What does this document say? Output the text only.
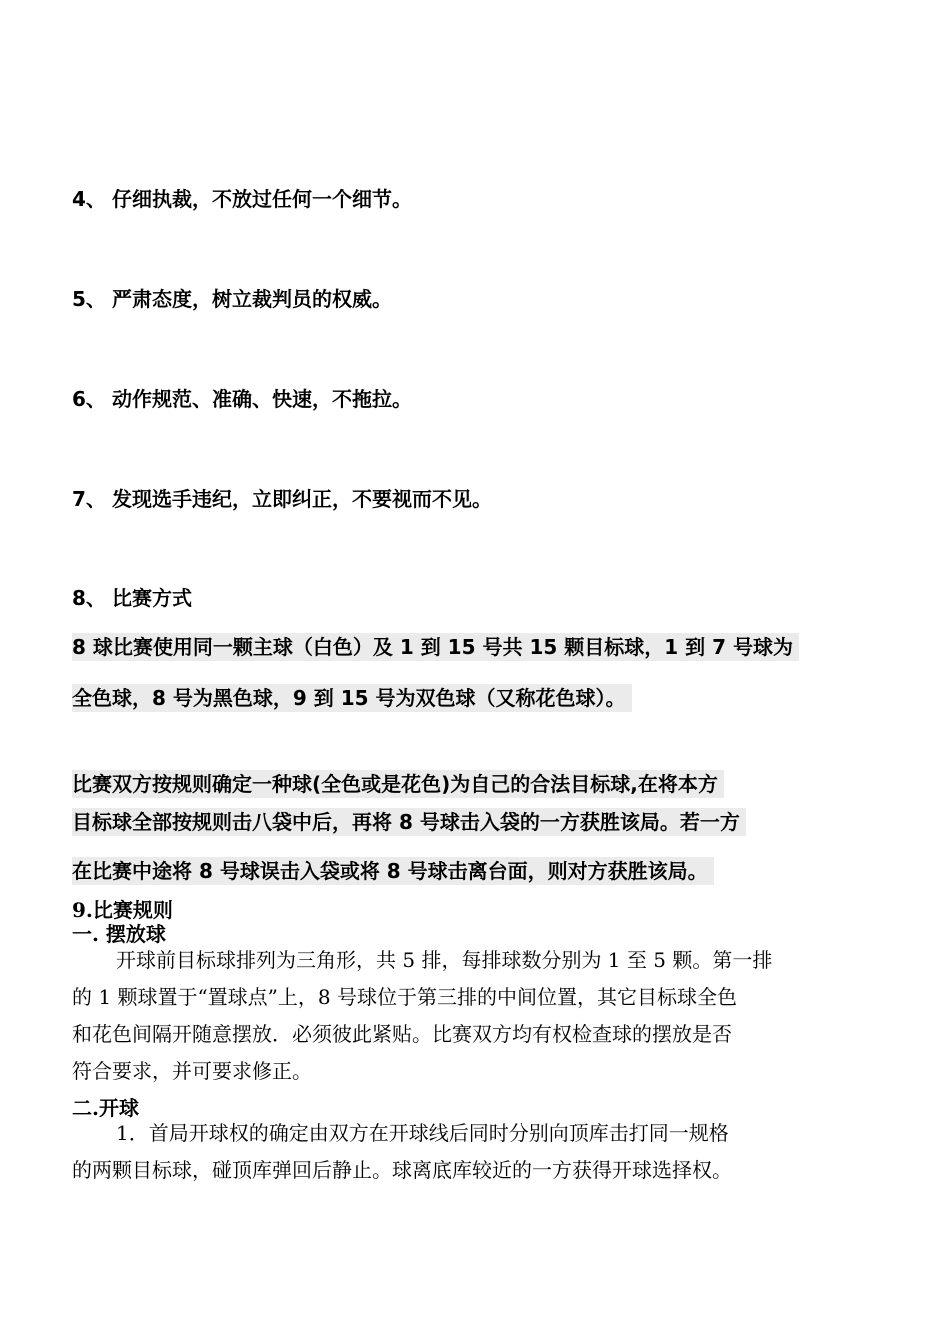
4、 仔细执裁，不放过任何一个细节。
5、 严肃态度，树立裁判员的权威。
6、 动作规范、准确、快速，不拖拉。
7、 发现选手违纪，立即纠正，不要视而不见。
8、 比赛方式
8 球比赛使用同一颗主球（白色）及 1 到 15 号共 15 颗目标球，1 到 7 号球为
全色球，8 号为黑色球，9 到 15 号为双色球（又称花色球）。
比赛双方按规则确定一种球(全色或是花色)为自己的合法目标球,在将本方
目标球全部按规则击八袋中后，再将 8 号球击入袋的一方获胜该局。若一方
在比赛中途将 8 号球误击入袋或将 8 号球击离台面，则对方获胜该局。
9.比赛规则
一. 摆放球
开球前目标球排列为三角形，共 5 排，每排球数分别为 1 至 5 颗。第一排
的 1 颗球置于“置球点”上，8 号球位于第三排的中间位置，其它目标球全色
和花色间隔开随意摆放．必须彼此紧贴。比赛双方均有权检查球的摆放是否
符合要求，并可要求修正。
二.开球
1．首局开球权的确定由双方在开球线后同时分别向顶库击打同一规格
的两颗目标球，碰顶库弹回后静止。球离底库较近的一方获得开球选择权。
